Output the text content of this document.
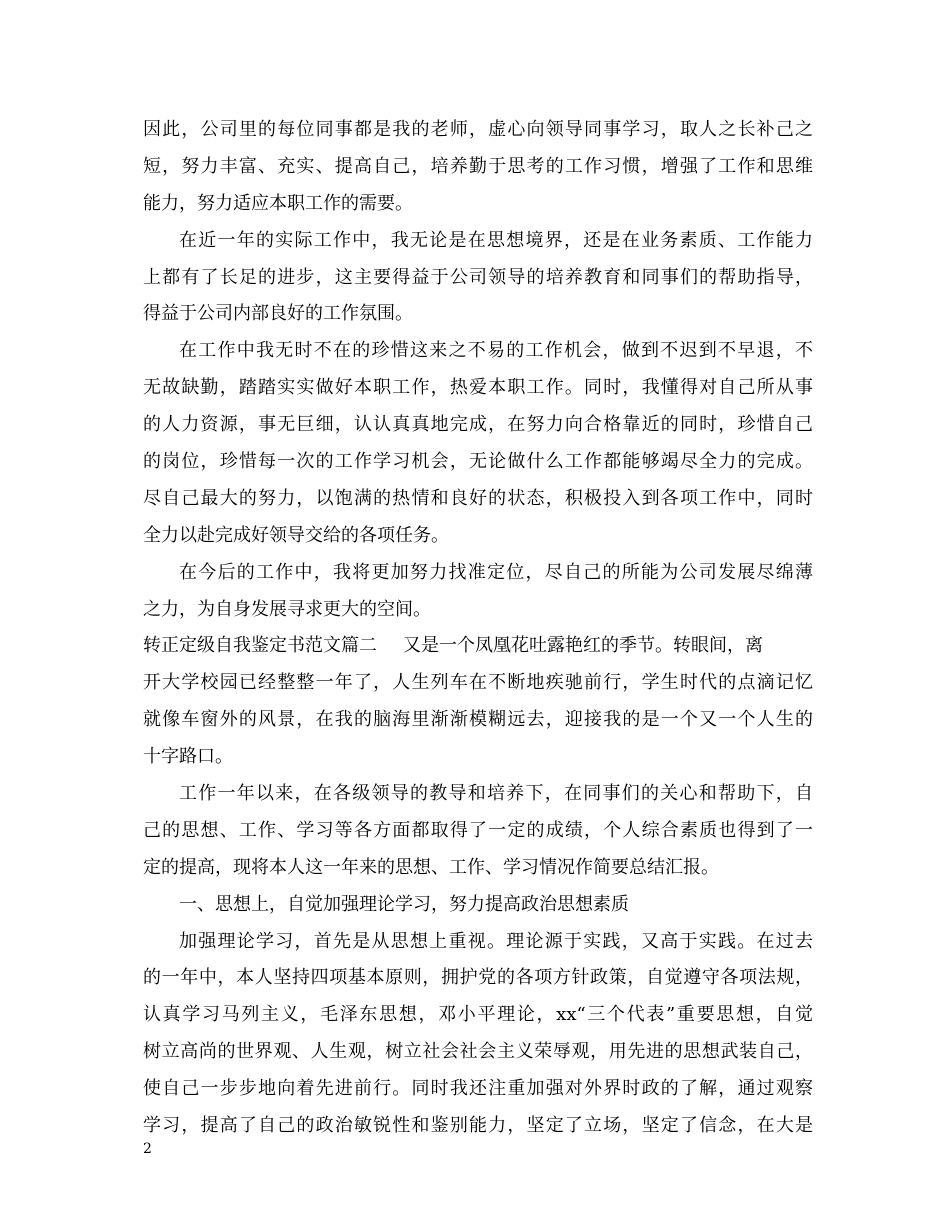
因此，公司里的每位同事都是我的老师，虚心向领导同事学习，取人之长补己之
短，努力丰富、充实、提高自己，培养勤于思考的工作习惯，增强了工作和思维
能力，努力适应本职工作的需要。
在近一年的实际工作中，我无论是在思想境界，还是在业务素质、工作能力
上都有了长足的进步，这主要得益于公司领导的培养教育和同事们的帮助指导，
得益于公司内部良好的工作氛围。
在工作中我无时不在的珍惜这来之不易的工作机会，做到不迟到不早退，不
无故缺勤，踏踏实实做好本职工作，热爱本职工作。同时，我懂得对自己所从事
的人力资源，事无巨细，认认真真地完成，在努力向合格靠近的同时，珍惜自己
的岗位，珍惜每一次的工作学习机会，无论做什么工作都能够竭尽全力的完成。
尽自己最大的努力，以饱满的热情和良好的状态，积极投入到各项工作中，同时
全力以赴完成好领导交给的各项任务。
在今后的工作中，我将更加努力找准定位，尽自己的所能为公司发展尽绵薄
之力，为自身发展寻求更大的空间。
转正定级自我鉴定书范文篇二 又是一个凤凰花吐露艳红的季节。转眼间，离
开大学校园已经整整一年了，人生列车在不断地疾驰前行，学生时代的点滴记忆
就像车窗外的风景，在我的脑海里渐渐模糊远去，迎接我的是一个又一个人生的
十字路口。
工作一年以来，在各级领导的教导和培养下，在同事们的关心和帮助下，自
己的思想、工作、学习等各方面都取得了一定的成绩，个人综合素质也得到了一
定的提高，现将本人这一年来的思想、工作、学习情况作简要总结汇报。
一、思想上，自觉加强理论学习，努力提高政治思想素质
加强理论学习，首先是从思想上重视。理论源于实践，又高于实践。在过去
的一年中，本人坚持四项基本原则，拥护党的各项方针政策，自觉遵守各项法规，
认真学习马列主义，毛泽东思想，邓小平理论，xx“三个代表”重要思想，自觉
树立高尚的世界观、人生观，树立社会社会主义荣辱观，用先进的思想武装自己，
使自己一步步地向着先进前行。同时我还注重加强对外界时政的了解，通过观察
学习，提高了自己的政治敏锐性和鉴别能力，坚定了立场，坚定了信念，在大是
2
